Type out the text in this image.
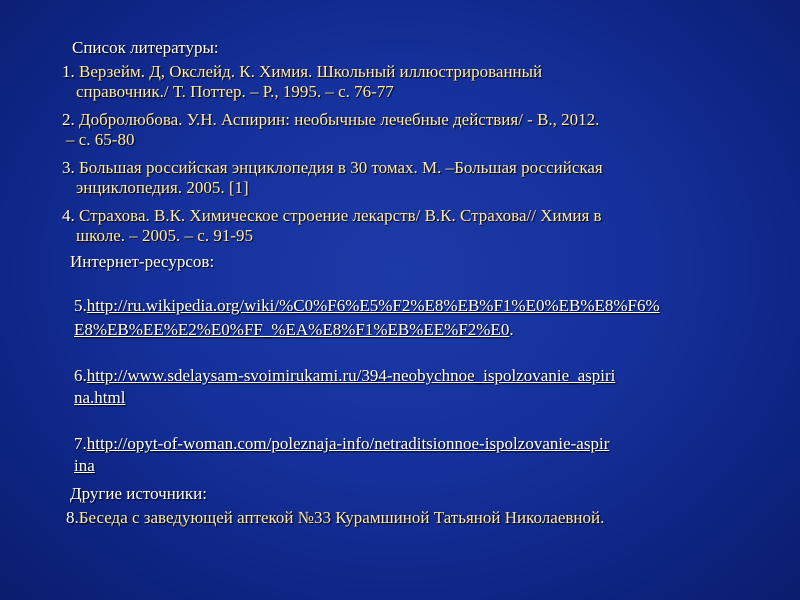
Список литературы:
1. Верзейм. Д, Окслейд. К. Химия. Школьный иллюстрированный
справочник./ Т. Поттер. – Р., 1995. – с. 76-77
2. Добролюбова. У.Н. Аспирин: необычные лечебные действия/ - В., 2012.
– с. 65-80
3. Большая российская энциклопедия в 30 томах. М. –Большая российская
энциклопедия. 2005. [1]
4. Страхова. В.К. Химическое строение лекарств/ В.К. Страхова// Химия в
школе. – 2005. – с. 91-95
Интернет-ресурсов:
5.http://ru.wikipedia.org/wiki/%C0%F6%E5%F2%E8%EB%F1%E0%EB%E8%F6%
E8%EB%EE%E2%E0%FF_%EA%E8%F1%EB%EE%F2%E0.
6.http://www.sdelaysam-svoimirukami.ru/394-neobychnoe_ispolzovanie_aspiri
na.html
7.http://opyt-of-woman.com/poleznaja-info/netraditsionnoe-ispolzovanie-aspir
ina
Другие источники:
8.Беседа с заведующей аптекой №33 Курамшиной Татьяной Николаевной.
